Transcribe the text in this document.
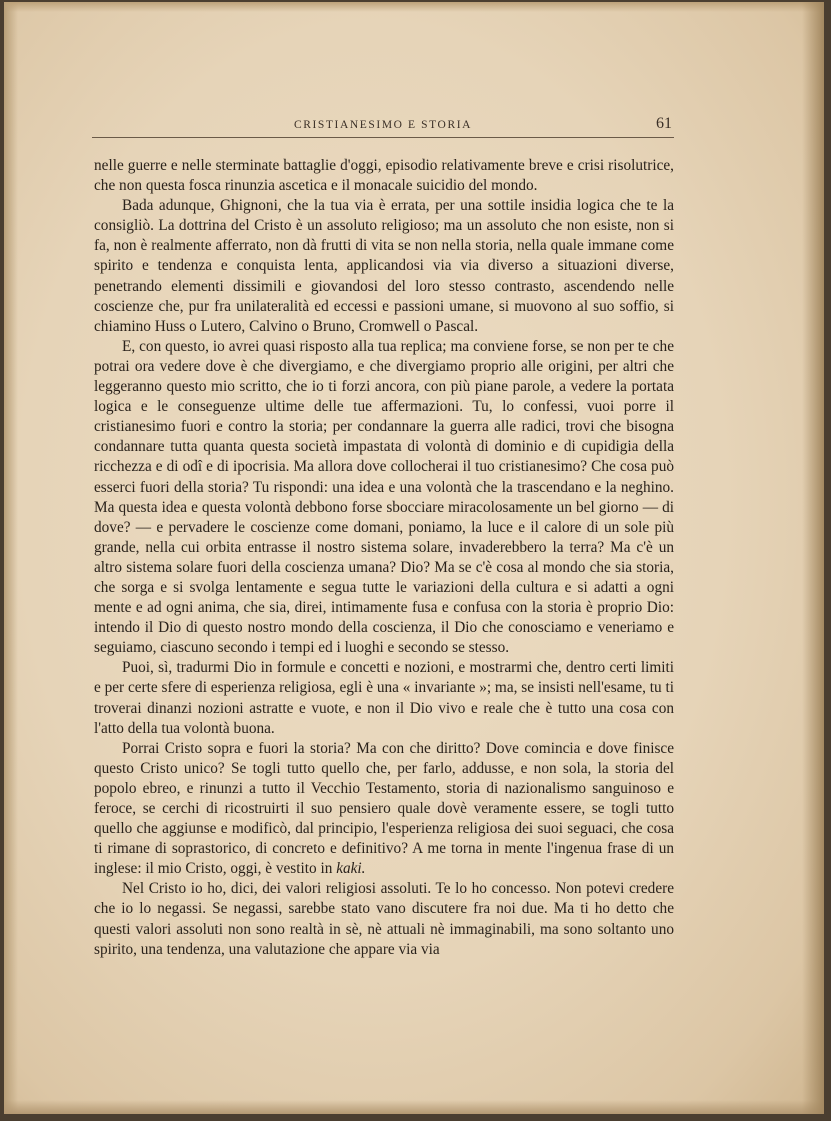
CRISTIANESIMO E STORIA	61

nelle guerre e nelle sterminate battaglie d'oggi, episodio relativamente breve e crisi risolutrice, che non questa fosca rinunzia ascetica e il monacale suicidio del mondo.

Bada adunque, Ghignoni, che la tua via è errata, per una sottile insidia logica che te la consigliò. La dottrina del Cristo è un assoluto religioso; ma un assoluto che non esiste, non si fa, non è realmente afferrato, non dà frutti di vita se non nella storia, nella quale immane come spirito e tendenza e conquista lenta, applicandosi via via diverso a situazioni diverse, penetrando elementi dissimili e giovandosi del loro stesso contrasto, ascendendo nelle coscienze che, pur fra unilateralità ed eccessi e passioni umane, si muovono al suo soffio, si chiamino Huss o Lutero, Calvino o Bruno, Cromwell o Pascal.

E, con questo, io avrei quasi risposto alla tua replica; ma conviene forse, se non per te che potrai ora vedere dove è che divergiamo, e che divergiamo proprio alle origini, per altri che leggeranno questo mio scritto, che io ti forzi ancora, con più piane parole, a vedere la portata logica e le conseguenze ultime delle tue affermazioni. Tu, lo confessi, vuoi porre il cristianesimo fuori e contro la storia; per condannare la guerra alle radici, trovi che bisogna condannare tutta quanta questa società impastata di volontà di dominio e di cupidigia della ricchezza e di odî e di ipocrisia. Ma allora dove collocherai il tuo cristianesimo? Che cosa può esserci fuori della storia? Tu rispondi: una idea e una volontà che la trascendano e la neghino. Ma questa idea e questa volontà debbono forse sbocciare miracolosamente un bel giorno — di dove? — e pervadere le coscienze come domani, poniamo, la luce e il calore di un sole più grande, nella cui orbita entrasse il nostro sistema solare, invaderebbero la terra? Ma c'è un altro sistema solare fuori della coscienza umana? Dio? Ma se c'è cosa al mondo che sia storia, che sorga e si svolga lentamente e segua tutte le variazioni della cultura e si adatti a ogni mente e ad ogni anima, che sia, direi, intimamente fusa e confusa con la storia è proprio Dio: intendo il Dio di questo nostro mondo della coscienza, il Dio che conosciamo e veneriamo e seguiamo, ciascuno secondo i tempi ed i luoghi e secondo se stesso.

Puoi, sì, tradurmi Dio in formule e concetti e nozioni, e mostrarmi che, dentro certi limiti e per certe sfere di esperienza religiosa, egli è una « invariante »; ma, se insisti nell'esame, tu ti troverai dinanzi nozioni astratte e vuote, e non il Dio vivo e reale che è tutto una cosa con l'atto della tua volontà buona.

Porrai Cristo sopra e fuori la storia? Ma con che diritto? Dove comincia e dove finisce questo Cristo unico? Se togli tutto quello che, per farlo, addusse, e non sola, la storia del popolo ebreo, e rinunzi a tutto il Vecchio Testamento, storia di nazionalismo sanguinoso e feroce, se cerchi di ricostruirti il suo pensiero quale dovè veramente essere, se togli tutto quello che aggiunse e modificò, dal principio, l'esperienza religiosa dei suoi seguaci, che cosa ti rimane di soprastorico, di concreto e definitivo? A me torna in mente l'ingenua frase di un inglese: il mio Cristo, oggi, è vestito in kaki.

Nel Cristo io ho, dici, dei valori religiosi assoluti. Te lo ho concesso. Non potevi credere che io lo negassi. Se negassi, sarebbe stato vano discutere fra noi due. Ma ti ho detto che questi valori assoluti non sono realtà in sè, nè attuali nè immaginabili, ma sono soltanto uno spirito, una tendenza, una valutazione che appare via via
